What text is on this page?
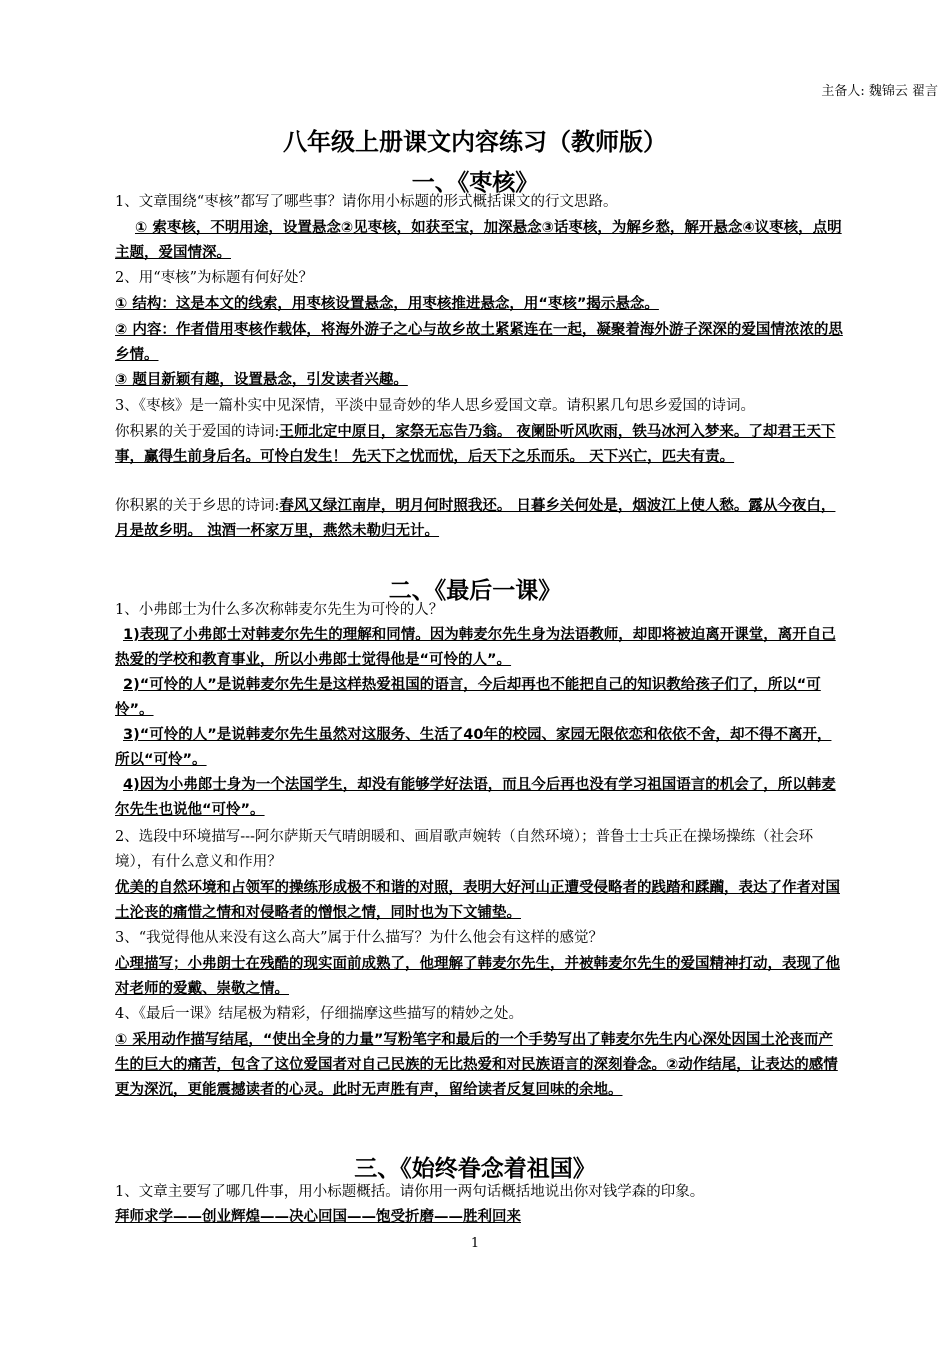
主备人: 魏锦云 翟言
八年级上册课文内容练习（教师版）
一、《枣核》
1、文章围绕“枣核”都写了哪些事？请你用小标题的形式概括课文的行文思路。
① 索枣核，不明用途，设置悬念②见枣核，如获至宝，加深悬念③话枣核，为解乡愁，解开悬念④议枣核，点明主题，爱国情深。
2、用“枣核”为标题有何好处？
① 结构：这是本文的线索，用枣核设置悬念，用枣核推进悬念，用“枣核”揭示悬念。
② 内容：作者借用枣核作载体，将海外游子之心与故乡故土紧紧连在一起，凝聚着海外游子深深的爱国情浓浓的思乡情。
③ 题目新颖有趣，设置悬念，引发读者兴趣。
3、《枣核》是一篇朴实中见深情，平淡中显奇妙的华人思乡爱国文章。请积累几句思乡爱国的诗词。
你积累的关于爱国的诗词:王师北定中原日，家祭无忘告乃翁。 夜阑卧听风吹雨，铁马冰河入梦来。了却君王天下事，赢得生前身后名。可怜白发生！ 先天下之忧而忧，后天下之乐而乐。 天下兴亡，匹夫有责。
你积累的关于乡思的诗词:春风又绿江南岸，明月何时照我还。 日暮乡关何处是，烟波江上使人愁。露从今夜白，月是故乡明。 浊酒一杯家万里，燕然未勒归无计。
二、《最后一课》
1、小弗郎士为什么多次称韩麦尔先生为可怜的人？
1)表现了小弗郎士对韩麦尔先生的理解和同情。因为韩麦尔先生身为法语教师，却即将被迫离开课堂，离开自己热爱的学校和教育事业，所以小弗郎士觉得他是“可怜的人”。
2)“可怜的人”是说韩麦尔先生是这样热爱祖国的语言，今后却再也不能把自己的知识教给孩子们了，所以“可怜”。
3)“可怜的人”是说韩麦尔先生虽然对这服务、生活了40年的校园、家园无限依恋和依依不舍，却不得不离开，所以“可怜”。
4)因为小弗郎士身为一个法国学生，却没有能够学好法语，而且今后再也没有学习祖国语言的机会了，所以韩麦尔先生也说他“可怜”。
2、选段中环境描写---阿尔萨斯天气晴朗暖和、画眉歌声婉转（自然环境）；普鲁士士兵正在操场操练（社会环境），有什么意义和作用？
优美的自然环境和占领军的操练形成极不和谐的对照，表明大好河山正遭受侵略者的践踏和蹂躏，表达了作者对国土沦丧的痛惜之情和对侵略者的憎恨之情，同时也为下文铺垫。
3、“我觉得他从来没有这么高大”属于什么描写？为什么他会有这样的感觉？
心理描写；小弗朗士在残酷的现实面前成熟了，他理解了韩麦尔先生，并被韩麦尔先生的爱国精神打动，表现了他对老师的爱戴、崇敬之情。
4、《最后一课》结尾极为精彩，仔细揣摩这些描写的精妙之处。
① 采用动作描写结尾，“使出全身的力量”写粉笔字和最后的一个手势写出了韩麦尔先生内心深处因国土沦丧而产生的巨大的痛苦，包含了这位爱国者对自己民族的无比热爱和对民族语言的深刻眷念。②动作结尾，让表达的感情更为深沉，更能震撼读者的心灵。此时无声胜有声，留给读者反复回味的余地。
三、《始终眷念着祖国》
1、文章主要写了哪几件事，用小标题概括。请你用一两句话概括地说出你对钱学森的印象。
拜师求学——创业辉煌——决心回国——饱受折磨——胜利回来
1
